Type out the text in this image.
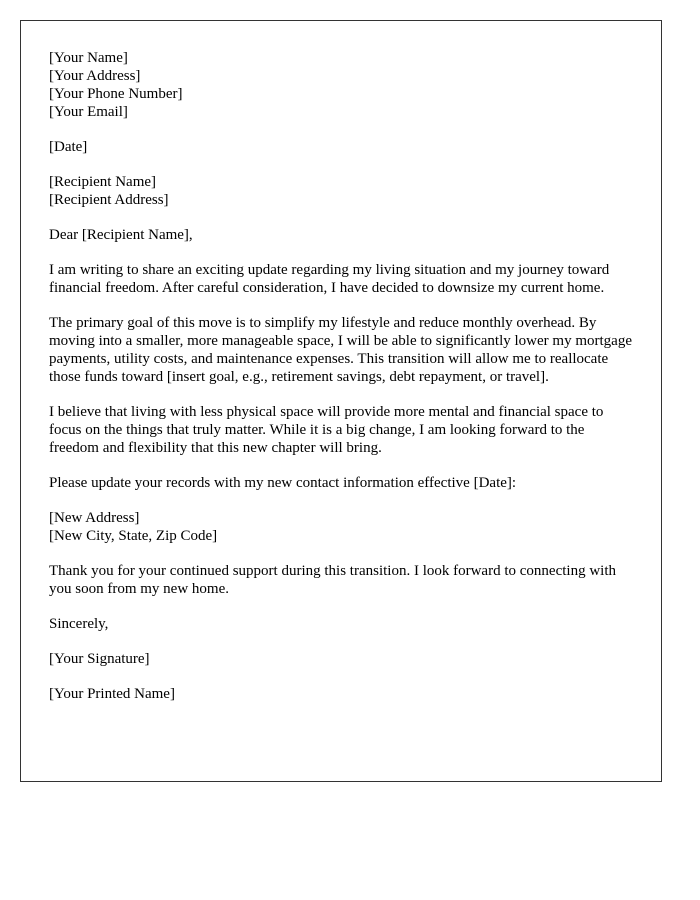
[Your Name]
[Your Address]
[Your Phone Number]
[Your Email]

[Date]

[Recipient Name]
[Recipient Address]

Dear [Recipient Name],

I am writing to share an exciting update regarding my living situation and my journey toward financial freedom. After careful consideration, I have decided to downsize my current home.

The primary goal of this move is to simplify my lifestyle and reduce monthly overhead. By moving into a smaller, more manageable space, I will be able to significantly lower my mortgage payments, utility costs, and maintenance expenses. This transition will allow me to reallocate those funds toward [insert goal, e.g., retirement savings, debt repayment, or travel].

I believe that living with less physical space will provide more mental and financial space to focus on the things that truly matter. While it is a big change, I am looking forward to the freedom and flexibility that this new chapter will bring.

Please update your records with my new contact information effective [Date]:

[New Address]
[New City, State, Zip Code]

Thank you for your continued support during this transition. I look forward to connecting with you soon from my new home.

Sincerely,

[Your Signature]

[Your Printed Name]
